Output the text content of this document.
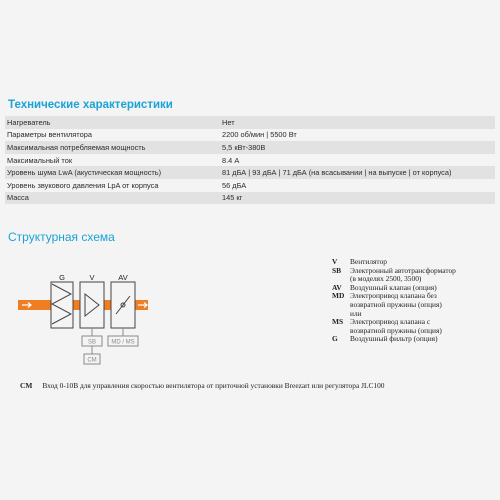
Технические характеристики
Нагреватель	Нет
Параметры вентилятора	2200 об/мин | 5500 Вт
Максимальная потребляемая мощность	5,5 кВт-380В
Максимальный ток	8.4 А
Уровень шума LwA (акустическая мощность)	81 дБА | 93 дБА | 71 дБА (на всасывании | на выпуске | от корпуса)
Уровень звукового давления LpA от корпуса	56 дБА
Масса	145 кг
Структурная схема
G	V	AV
SB
CM
MD / MS
V	Вентилятор
SB	Электронный автотрансформатор
(в моделях 2500, 3500)
AV	Воздушный клапан (опция)
MD Электропривод клапана без
возвратной пружины (опция)
или
MS Электропривод клапана с
возвратной пружины (опция)
G	Воздушный фильтр (опция)
CM Вход 0-10В для управления скоростью вентилятора от приточной установки Breezart или регулятора JLC100
